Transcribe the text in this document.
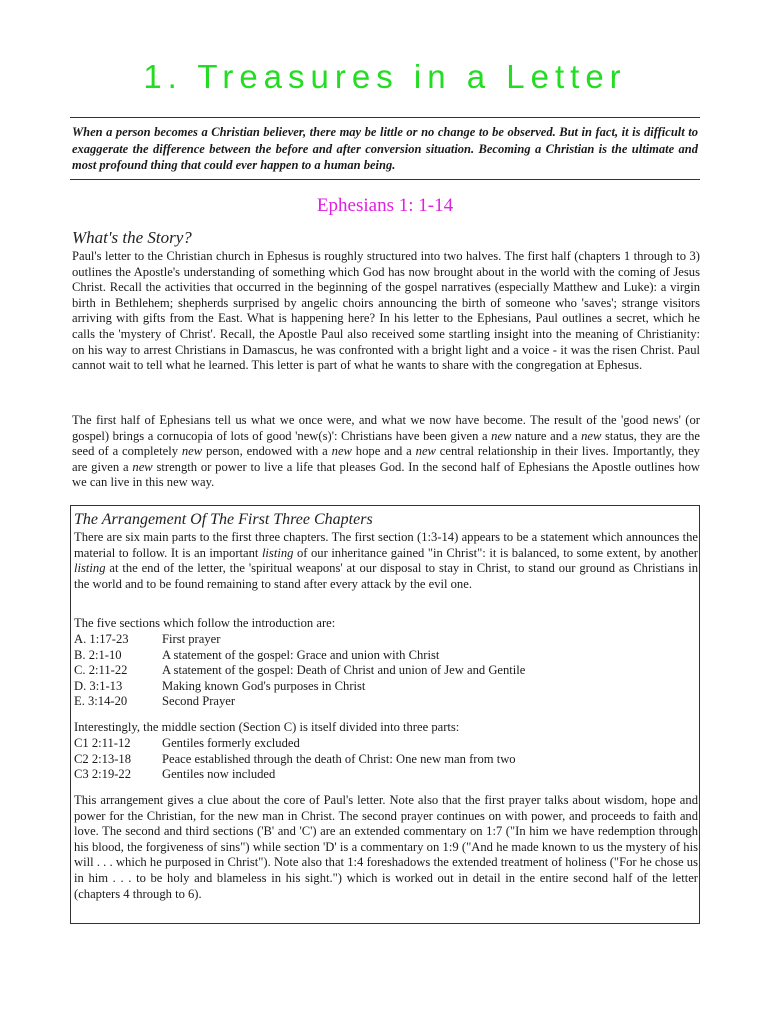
1. Treasures in a Letter

When a person becomes a Christian believer, there may be little or no change to be observed. But in fact, it is difficult to exaggerate the difference between the before and after conversion situation. Becoming a Christian is the ultimate and most profound thing that could ever happen to a human being.

Ephesians 1: 1-14
What's the Story?

Paul's letter to the Christian church in Ephesus is roughly structured into two halves. The first half (chapters 1 through to 3) outlines the Apostle's understanding of something which God has now brought about in the world with the coming of Jesus Christ. Recall the activities that occurred in the beginning of the gospel narratives (especially Matthew and Luke): a virgin birth in Bethlehem; shepherds surprised by angelic choirs announcing the birth of someone who 'saves'; strange visitors arriving with gifts from the East. What is happening here? In his letter to the Ephesians, Paul outlines a secret, which he calls the 'mystery of Christ'. Recall, the Apostle Paul also received some startling insight into the meaning of Christianity: on his way to arrest Christians in Damascus, he was confronted with a bright light and a voice - it was the risen Christ. Paul cannot wait to tell what he learned. This letter is part of what he wants to share with the congregation at Ephesus.

The first half of Ephesians tell us what we once were, and what we now have become. The result of the 'good news' (or gospel) brings a cornucopia of lots of good 'new(s)': Christians have been given a new nature and a new status, they are the seed of a completely new person, endowed with a new hope and a new central relationship in their lives. Importantly, they are given a new strength or power to live a life that pleases God. In the second half of Ephesians the Apostle outlines how we can live in this new way.

The Arrangement Of The First Three Chapters

There are six main parts to the first three chapters. The first section (1:3-14) appears to be a statement which announces the material to follow. It is an important listing of our inheritance gained "in Christ": it is balanced, to some extent, by another listing at the end of the letter, the 'spiritual weapons' at our disposal to stay in Christ, to stand our ground as Christians in the world and to be found remaining to stand after every attack by the evil one.

The five sections which follow the introduction are:

A. 1:17-23	First prayer
B. 2:1-10	A statement of the gospel: Grace and union with Christ
C. 2:11-22	A statement of the gospel: Death of Christ and union of Jew and Gentile
D. 3:1-13	Making known God's purposes in Christ
E. 3:14-20	Second Prayer

Interestingly, the middle section (Section C) is itself divided into three parts:

C1 2:11-12	Gentiles formerly excluded
C2 2:13-18	Peace established through the death of Christ: One new man from two
C3 2:19-22	Gentiles now included

This arrangement gives a clue about the core of Paul's letter. Note also that the first prayer talks about wisdom, hope and power for the Christian, for the new man in Christ. The second prayer continues on with power, and proceeds to faith and love. The second and third sections ('B' and 'C') are an extended commentary on 1:7 ("In him we have redemption through his blood, the forgiveness of sins") while section 'D' is a commentary on 1:9 ("And he made known to us the mystery of his will . . . which he purposed in Christ"). Note also that 1:4 foreshadows the extended treatment of holiness ("For he chose us in him . . . to be holy and blameless in his sight.") which is worked out in detail in the entire second half of the letter (chapters 4 through to 6).
